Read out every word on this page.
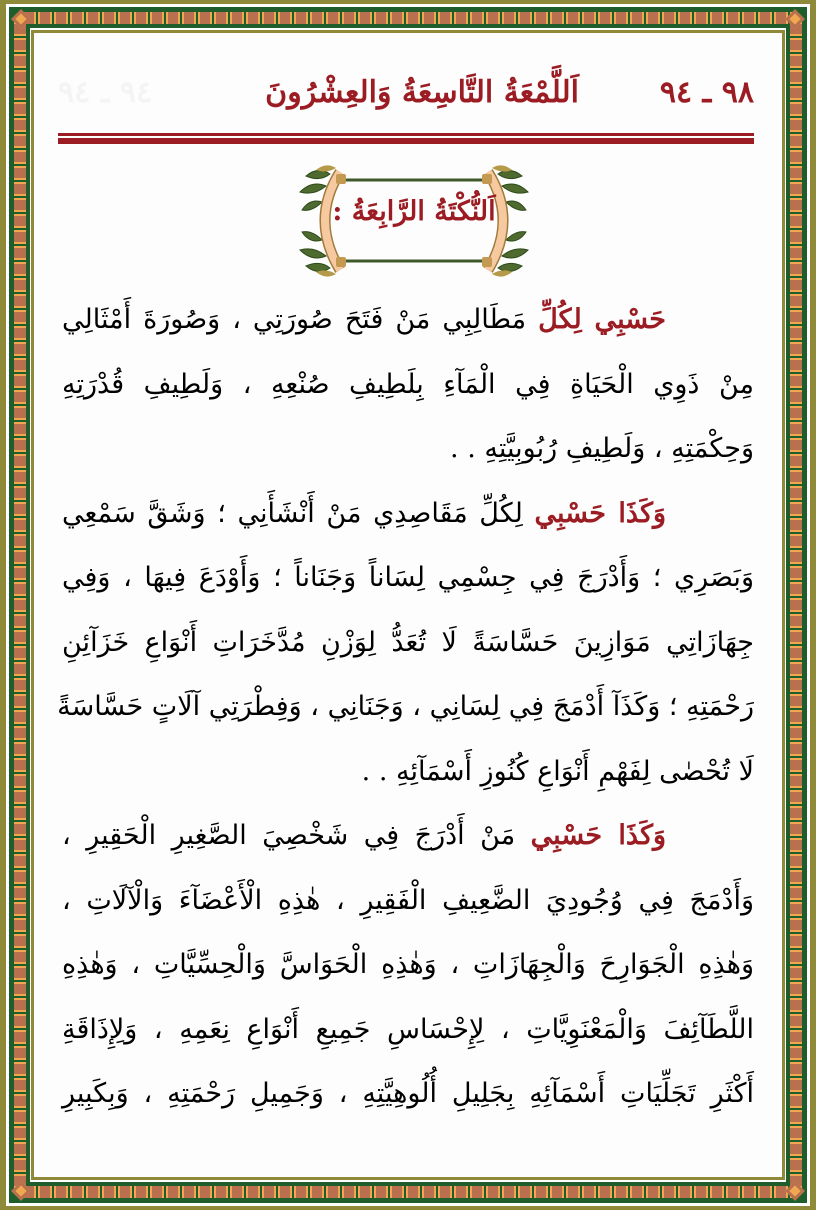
٩٨ ـ ٩٤
اَللَّمْعَةُ التَّاسِعَةُ وَالعِشْرُونَ
٩٤ ـ ٩٤
اَلنُّكْتَةُ الرَّابِعَةُ :
حَسْبِي لِكُلِّ مَطَالِبِي مَنْ فَتَحَ صُورَتِي ، وَصُورَةَ أَمْثَالِي
مِنْ ذَوِي الْحَيَاةِ فِي الْمَآءِ بِلَطِيفِ صُنْعِهِ ، وَلَطِيفِ قُدْرَتِهِ
وَحِكْمَتِهِ ، وَلَطِيفِ رُبُوبِيَّتِهِ . .
وَكَذَا حَسْبِي لِكُلِّ مَقَاصِدِي مَنْ أَنْشَأَنِي ؛ وَشَقَّ سَمْعِي
وَبَصَرِي ؛ وَأَدْرَجَ فِي جِسْمِي لِسَاناً وَجَنَاناً ؛ وَأَوْدَعَ فِيهَا ، وَفِي
جِهَازَاتِي مَوَازِينَ حَسَّاسَةً لَا تُعَدُّ لِوَزْنِ مُدَّخَرَاتِ أَنْوَاعِ خَزَآئِنِ
رَحْمَتِهِ ؛ وَكَذَآ أَدْمَجَ فِي لِسَانِي ، وَجَنَانِي ، وَفِطْرَتِي آلَاتٍ حَسَّاسَةً
لَا تُحْصٰى لِفَهْمِ أَنْوَاعِ كُنُوزِ أَسْمَآئِهِ . .
وَكَذَا حَسْبِي مَنْ أَدْرَجَ فِي شَخْصِيَ الصَّغِيرِ الْحَقِيرِ ،
وَأَدْمَجَ فِي وُجُودِيَ الضَّعِيفِ الْفَقِيرِ ، هٰذِهِ الْأَعْضَآءَ وَالْآلَاتِ ،
وَهٰذِهِ الْجَوَارِحَ وَالْجِهَازَاتِ ، وَهٰذِهِ الْحَوَاسَّ وَالْحِسِّيَّاتِ ، وَهٰذِهِ
اللَّطَآئِفَ وَالْمَعْنَوِيَّاتِ ، لِإِحْسَاسِ جَمِيعِ أَنْوَاعِ نِعَمِهِ ، وَلِإِذَاقَةِ
أَكْثَرِ تَجَلِّيَاتِ أَسْمَآئِهِ بِجَلِيلِ أُلُوهِيَّتِهِ ، وَجَمِيلِ رَحْمَتِهِ ، وَبِكَبِيرِ
